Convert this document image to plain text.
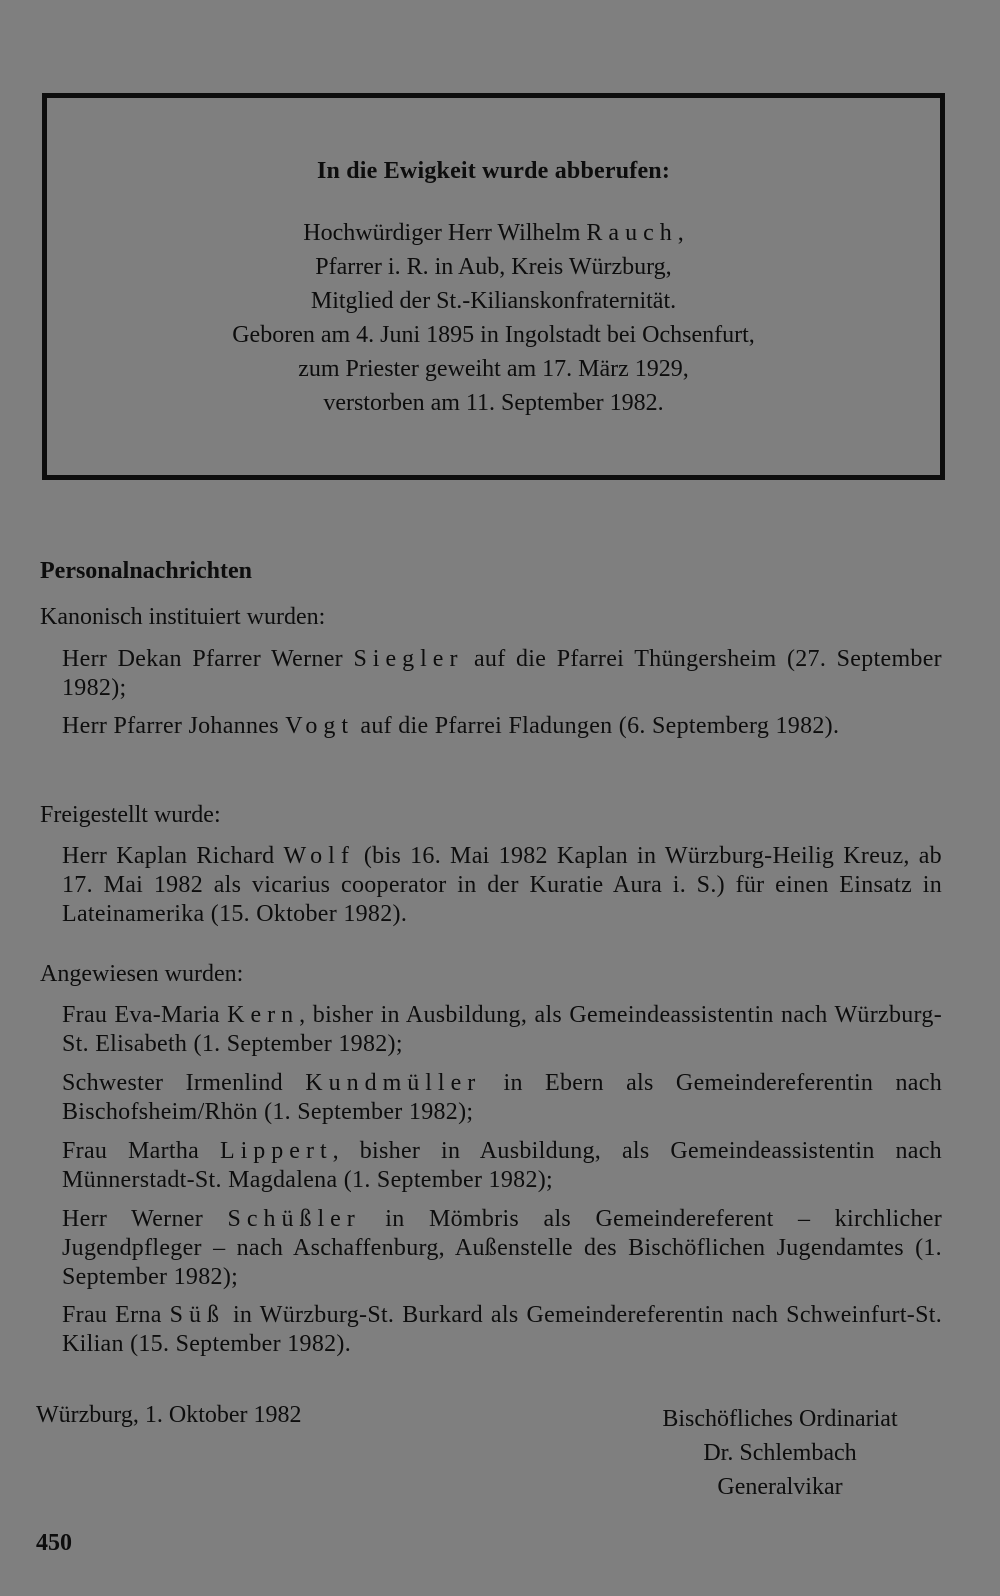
In die Ewigkeit wurde abberufen:
Hochwürdiger Herr Wilhelm Rauch,
Pfarrer i. R. in Aub, Kreis Würzburg,
Mitglied der St.-Kilianskonfraternität.
Geboren am 4. Juni 1895 in Ingolstadt bei Ochsenfurt,
zum Priester geweiht am 17. März 1929,
verstorben am 11. September 1982.
Personalnachrichten
Kanonisch instituiert wurden:
Herr Dekan Pfarrer Werner Siegler auf die Pfarrei Thüngersheim (27. September 1982);
Herr Pfarrer Johannes Vogt auf die Pfarrei Fladungen (6. Septemberg 1982).
Freigestellt wurde:
Herr Kaplan Richard Wolf (bis 16. Mai 1982 Kaplan in Würzburg-Heilig Kreuz, ab 17. Mai 1982 als vicarius cooperator in der Kuratie Aura i. S.) für einen Einsatz in Lateinamerika (15. Oktober 1982).
Angewiesen wurden:
Frau Eva-Maria Kern, bisher in Ausbildung, als Gemeindeassistentin nach Würzburg-St. Elisabeth (1. September 1982);
Schwester Irmenlind Kundmüller in Ebern als Gemeindereferentin nach Bischofsheim/Rhön (1. September 1982);
Frau Martha Lippert, bisher in Ausbildung, als Gemeindeassistentin nach Münnerstadt-St. Magdalena (1. September 1982);
Herr Werner Schüßler in Mömbris als Gemeindereferent – kirchlicher Jugendpfleger – nach Aschaffenburg, Außenstelle des Bischöflichen Jugendamtes (1. September 1982);
Frau Erna Süß in Würzburg-St. Burkard als Gemeindereferentin nach Schweinfurt-St. Kilian (15. September 1982).
Würzburg, 1. Oktober 1982	Bischöfliches Ordinariat
Dr. Schlembach
Generalvikar
450
